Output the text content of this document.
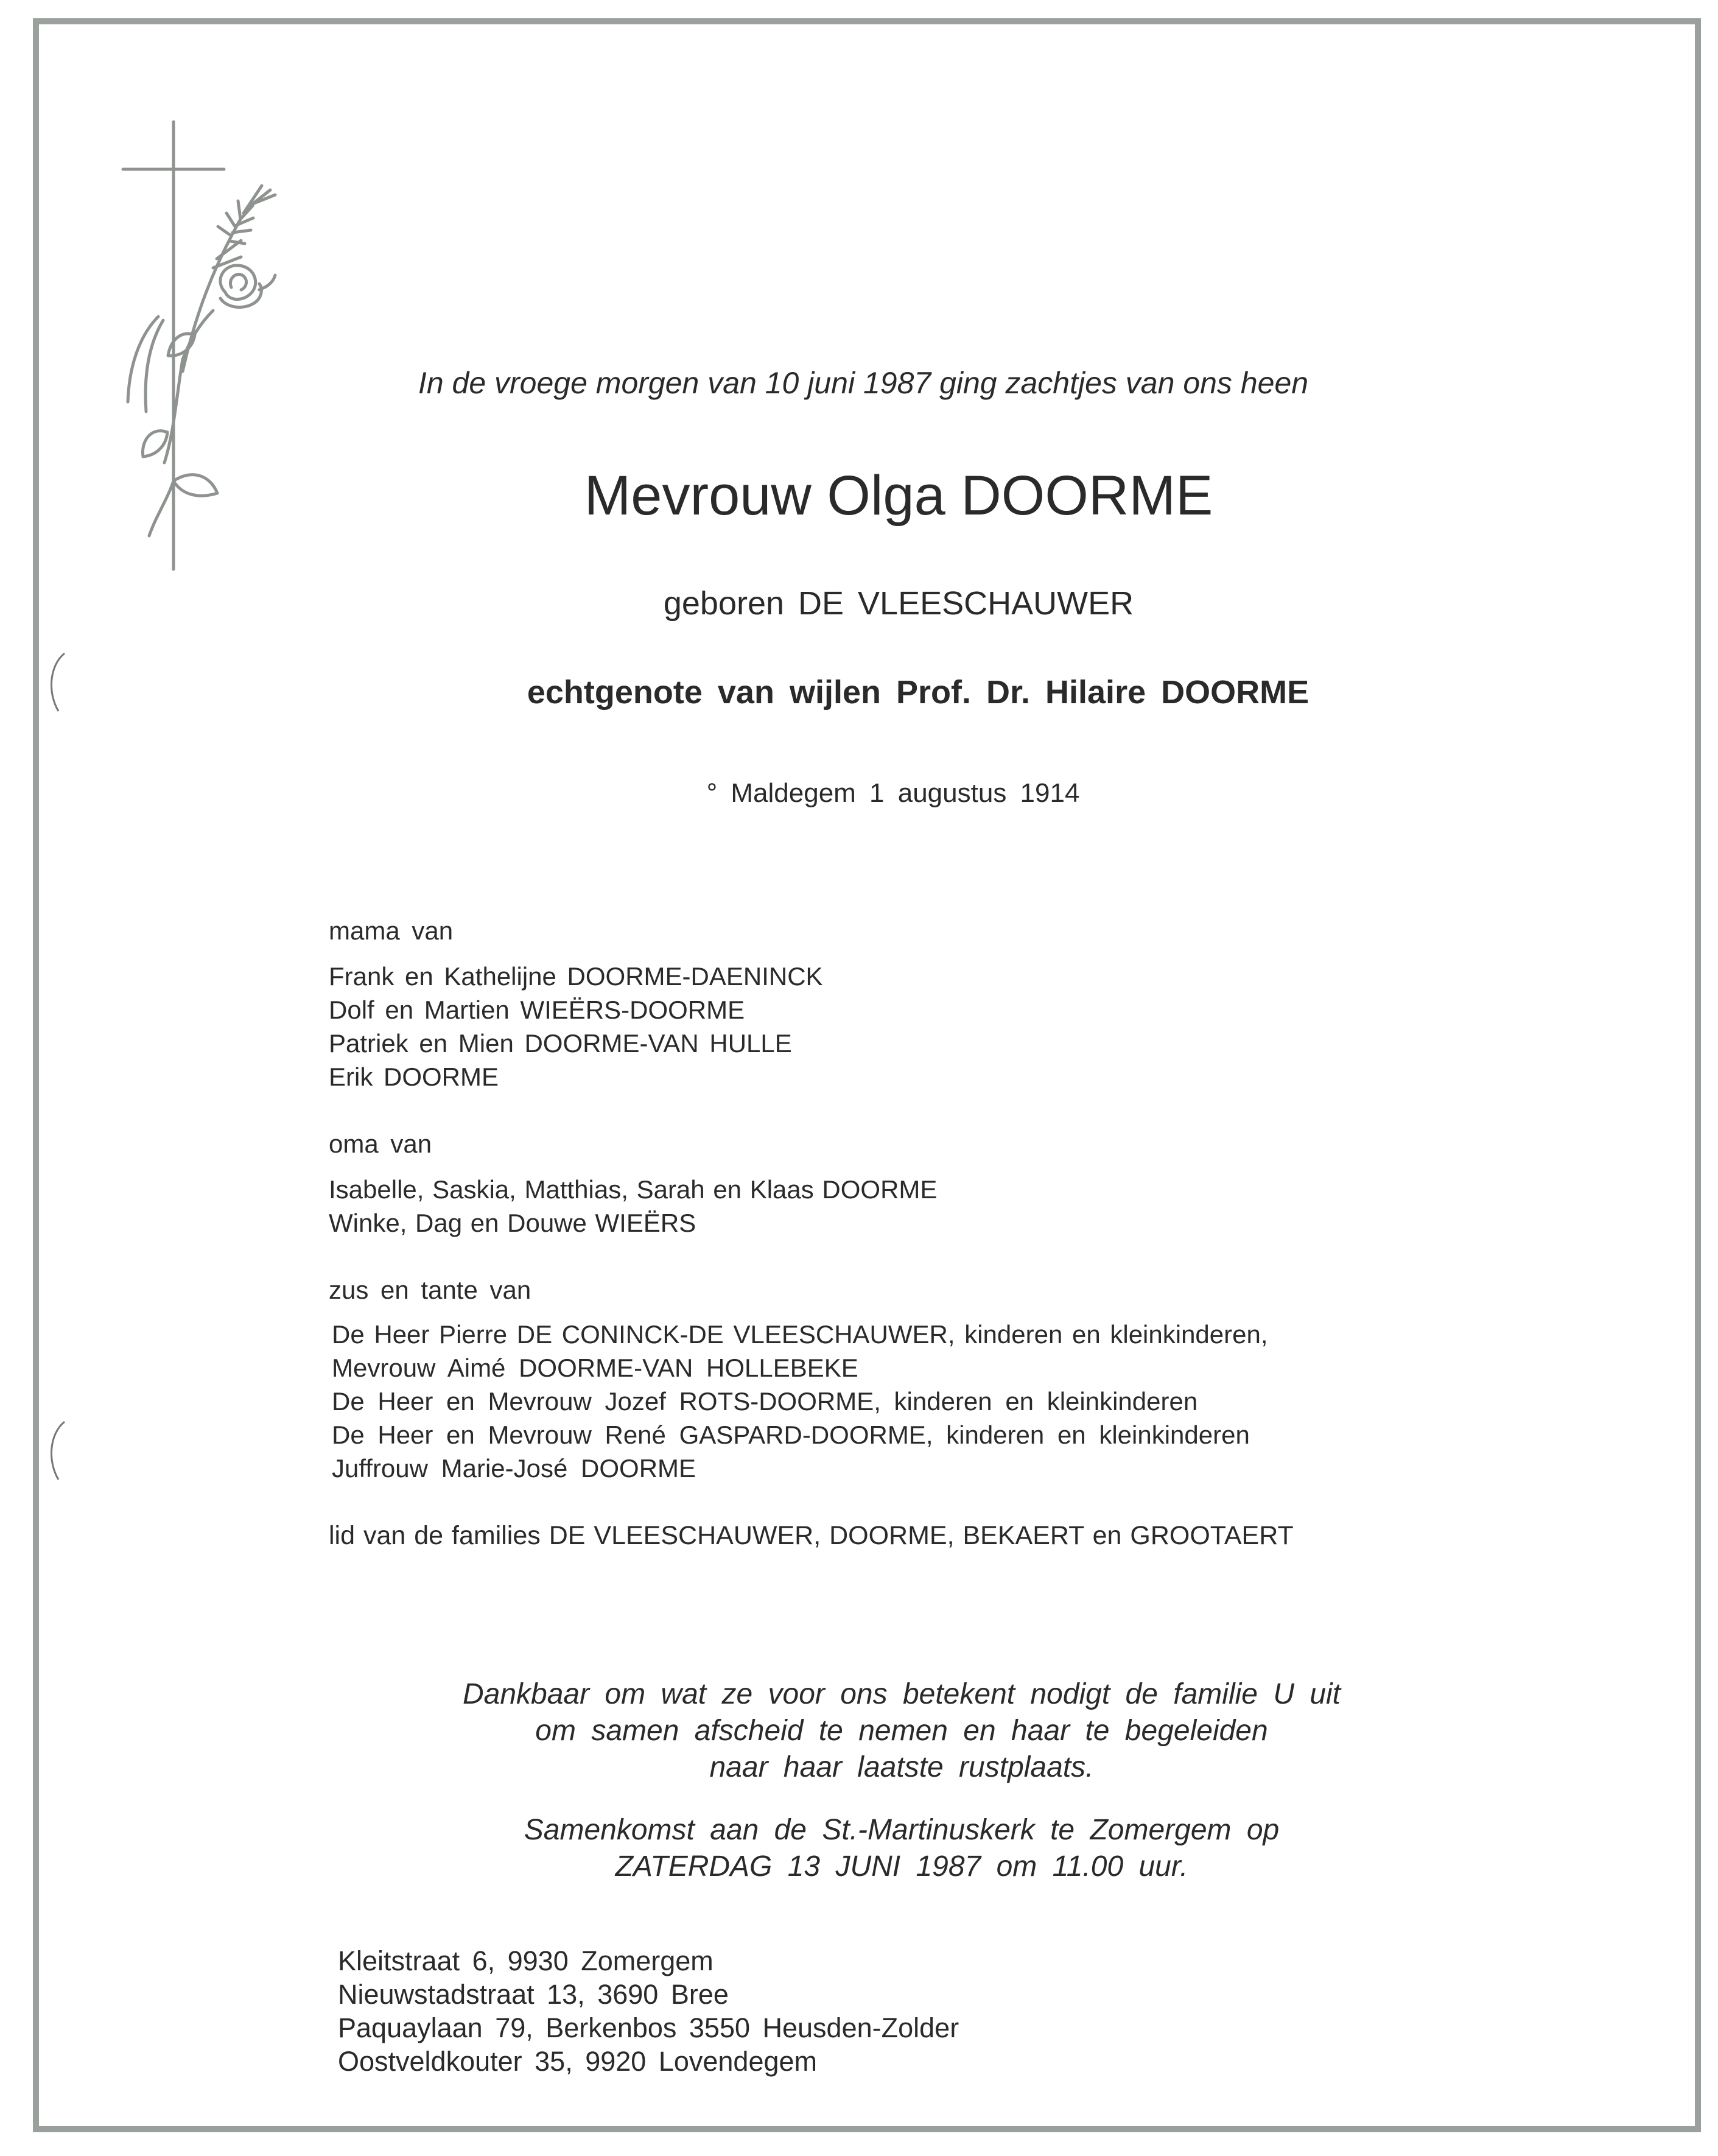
In de vroege morgen van 10 juni 1987 ging zachtjes van ons heen

Mevrouw Olga DOORME

geboren DE VLEESCHAUWER

echtgenote van wijlen Prof. Dr. Hilaire DOORME

° Maldegem 1 augustus 1914

mama van

Frank en Kathelijne DOORME-DAENINCK

Dolf en Martien WIEËRS-DOORME

Patriek en Mien DOORME-VAN HULLE

Erik DOORME

oma van

Isabelle, Saskia, Matthias, Sarah en Klaas DOORME

Winke, Dag en Douwe WIEËRS

zus en tante van

De Heer Pierre DE CONINCK-DE VLEESCHAUWER, kinderen en kleinkinderen,

Mevrouw Aimé DOORME-VAN HOLLEBEKE

De Heer en Mevrouw Jozef ROTS-DOORME, kinderen en kleinkinderen

De Heer en Mevrouw René GASPARD-DOORME, kinderen en kleinkinderen

Juffrouw Marie-José DOORME

lid van de families DE VLEESCHAUWER, DOORME, BEKAERT en GROOTAERT

Dankbaar om wat ze voor ons betekent nodigt de familie U uit

om samen afscheid te nemen en haar te begeleiden

naar haar laatste rustplaats.

Samenkomst aan de St.-Martinuskerk te Zomergem op

ZATERDAG 13 JUNI 1987 om 11.00 uur.

Kleitstraat 6, 9930 Zomergem

Nieuwstadstraat 13, 3690 Bree

Paquaylaan 79, Berkenbos 3550 Heusden-Zolder

Oostveldkouter 35, 9920 Lovendegem
